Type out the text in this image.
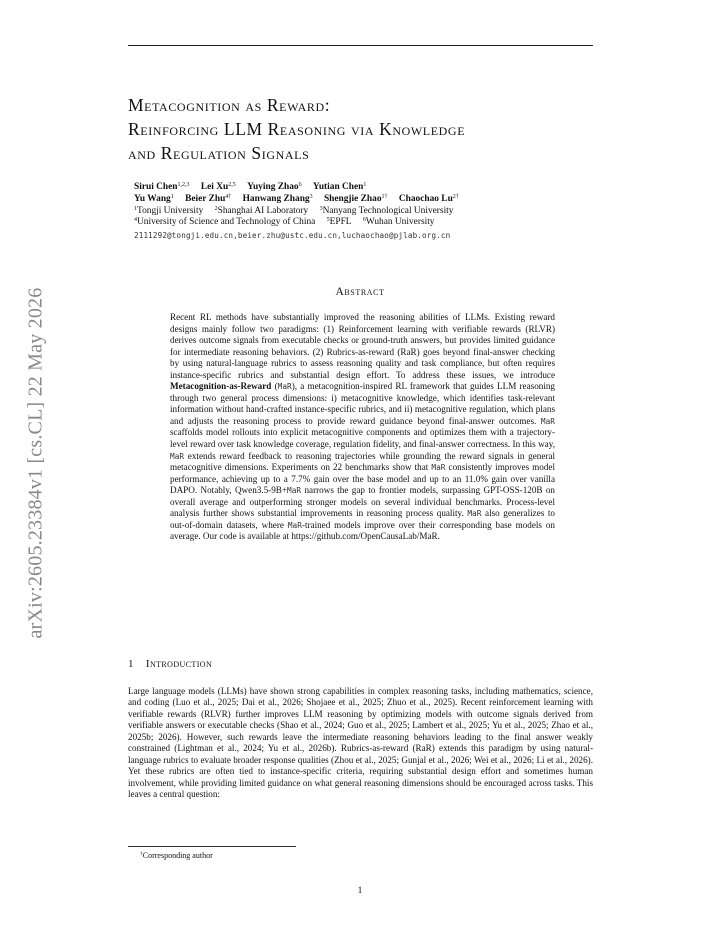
arXiv:2605.23384v1 [cs.CL] 22 May 2026
Metacognition as Reward:
Reinforcing LLM Reasoning via Knowledge
and Regulation Signals
Sirui Chen$^{1,2,3}$ Lei Xu$^{2,5}$ Yuying Zhao$^6$ Yutian Chen$^1$
Yu Wang$^1$ Beier Zhu$^{4\dagger}$ Hanwang Zhang$^3$ Shengjie Zhao$^{1\dagger}$ Chaochao $Lu^{2\dagger}$
$^1$Tongji University $^2$Shanghai AI Laboratory $^3$Nanyang Technological University
$^4$University of Science and Technology of China $^5$EPFL $^6$Wuhan University
2111292@tongji.edu.cn,beier.zhu@ustc.edu.cn,luchaochao@pjlab.org.cn
Abstract
Recent RL methods have substantially improved the reasoning abilities of LLMs. Existing reward designs mainly follow two paradigms: (1) Reinforcement learning with verifiable rewards (RLVR) derives outcome signals from executable checks or ground-truth answers, but provides limited guidance for intermediate reasoning behaviors. (2) Rubrics-as-reward (RaR) goes beyond final-answer checking by using natural-language rubrics to assess reasoning quality and task compliance, but often requires instance-specific rubrics and substantial design effort. To address these issues, we introduce Metacognition-as-Reward (MaR), a metacognition-inspired RL framework that guides LLM reasoning through two general process dimensions: i) metacognitive knowledge, which identifies task-relevant information without hand-crafted instance-specific rubrics, and ii) metacognitive regulation, which plans and adjusts the reasoning process to provide reward guidance beyond final-answer outcomes. MaR scaffolds model rollouts into explicit metacognitive components and optimizes them with a trajectory-level reward over task knowledge coverage, regulation fidelity, and final-answer correctness. In this way, MaR extends reward feedback to reasoning trajectories while grounding the reward signals in general metacognitive dimensions. Experiments on 22 benchmarks show that MaR consistently improves model performance, achieving up to a 7.7% gain over the base model and up to an 11.0% gain over vanilla DAPO. Notably, Qwen3.5-9B+MaR narrows the gap to frontier models, surpassing GPT-OSS-120B on overall average and outperforming stronger models on several individual benchmarks. Process-level analysis further shows substantial improvements in reasoning process quality. MaR also generalizes to out-of-domain datasets, where MaR-trained models improve over their corresponding base models on average. Our code is available at https://github.com/OpenCausaLab/MaR.
1 Introduction
Large language models (LLMs) have shown strong capabilities in complex reasoning tasks, including mathematics, science, and coding (Luo et al., 2025; Dai et al., 2026; Shojaee et al., 2025; Zhuo et al., 2025). Recent reinforcement learning with verifiable rewards (RLVR) further improves LLM reasoning by optimizing models with outcome signals derived from verifiable answers or executable checks (Shao et al., 2024; Guo et al., 2025; Lambert et al., 2025; Yu et al., 2025; Zhao et al., 2025b; 2026). However, such rewards leave the intermediate reasoning behaviors leading to the final answer weakly constrained (Lightman et al., 2024; Yu et al., 2026b). Rubrics-as-reward (RaR) extends this paradigm by using natural-language rubrics to evaluate broader response qualities (Zhou et al., 2025; Gunjal et al., 2026; Wei et al., 2026; Li et al., 2026). Yet these rubrics are often tied to instance-specific criteria, requiring substantial design effort and sometimes human involvement, while providing limited guidance on what general reasoning dimensions should be encouraged across tasks. This leaves a central question:
†Corresponding author
1
